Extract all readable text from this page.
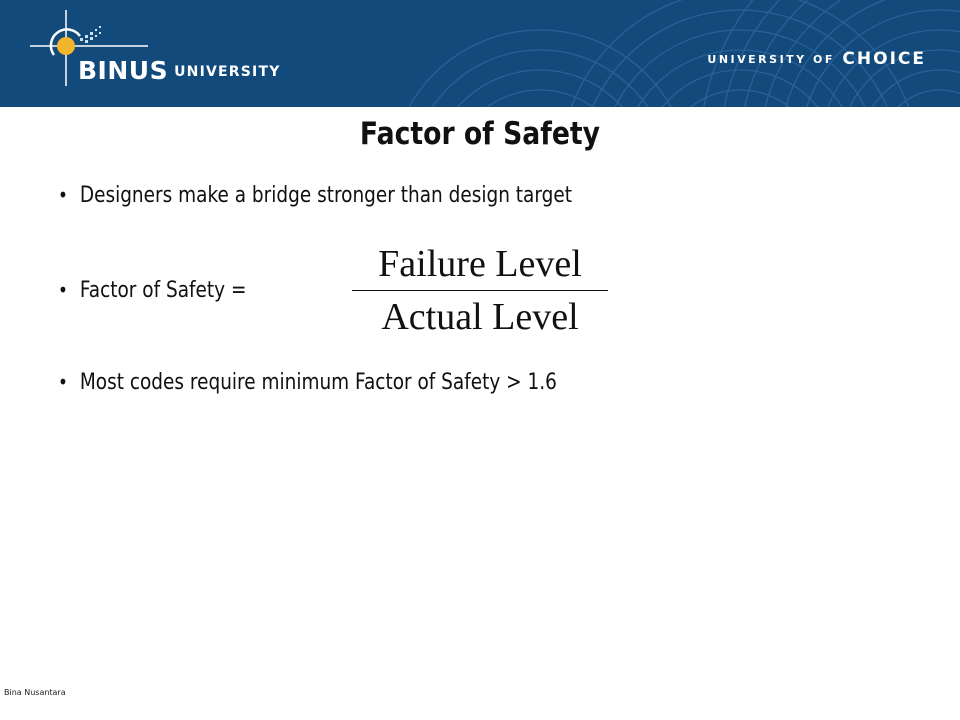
BINUS UNIVERSITY
UNIVERSITY OF CHOICE
Factor of Safety
• Designers make a bridge stronger than design target
• Factor of Safety =
Failure Level
Actual Level
• Most codes require minimum Factor of Safety > 1.6
Bina Nusantara
